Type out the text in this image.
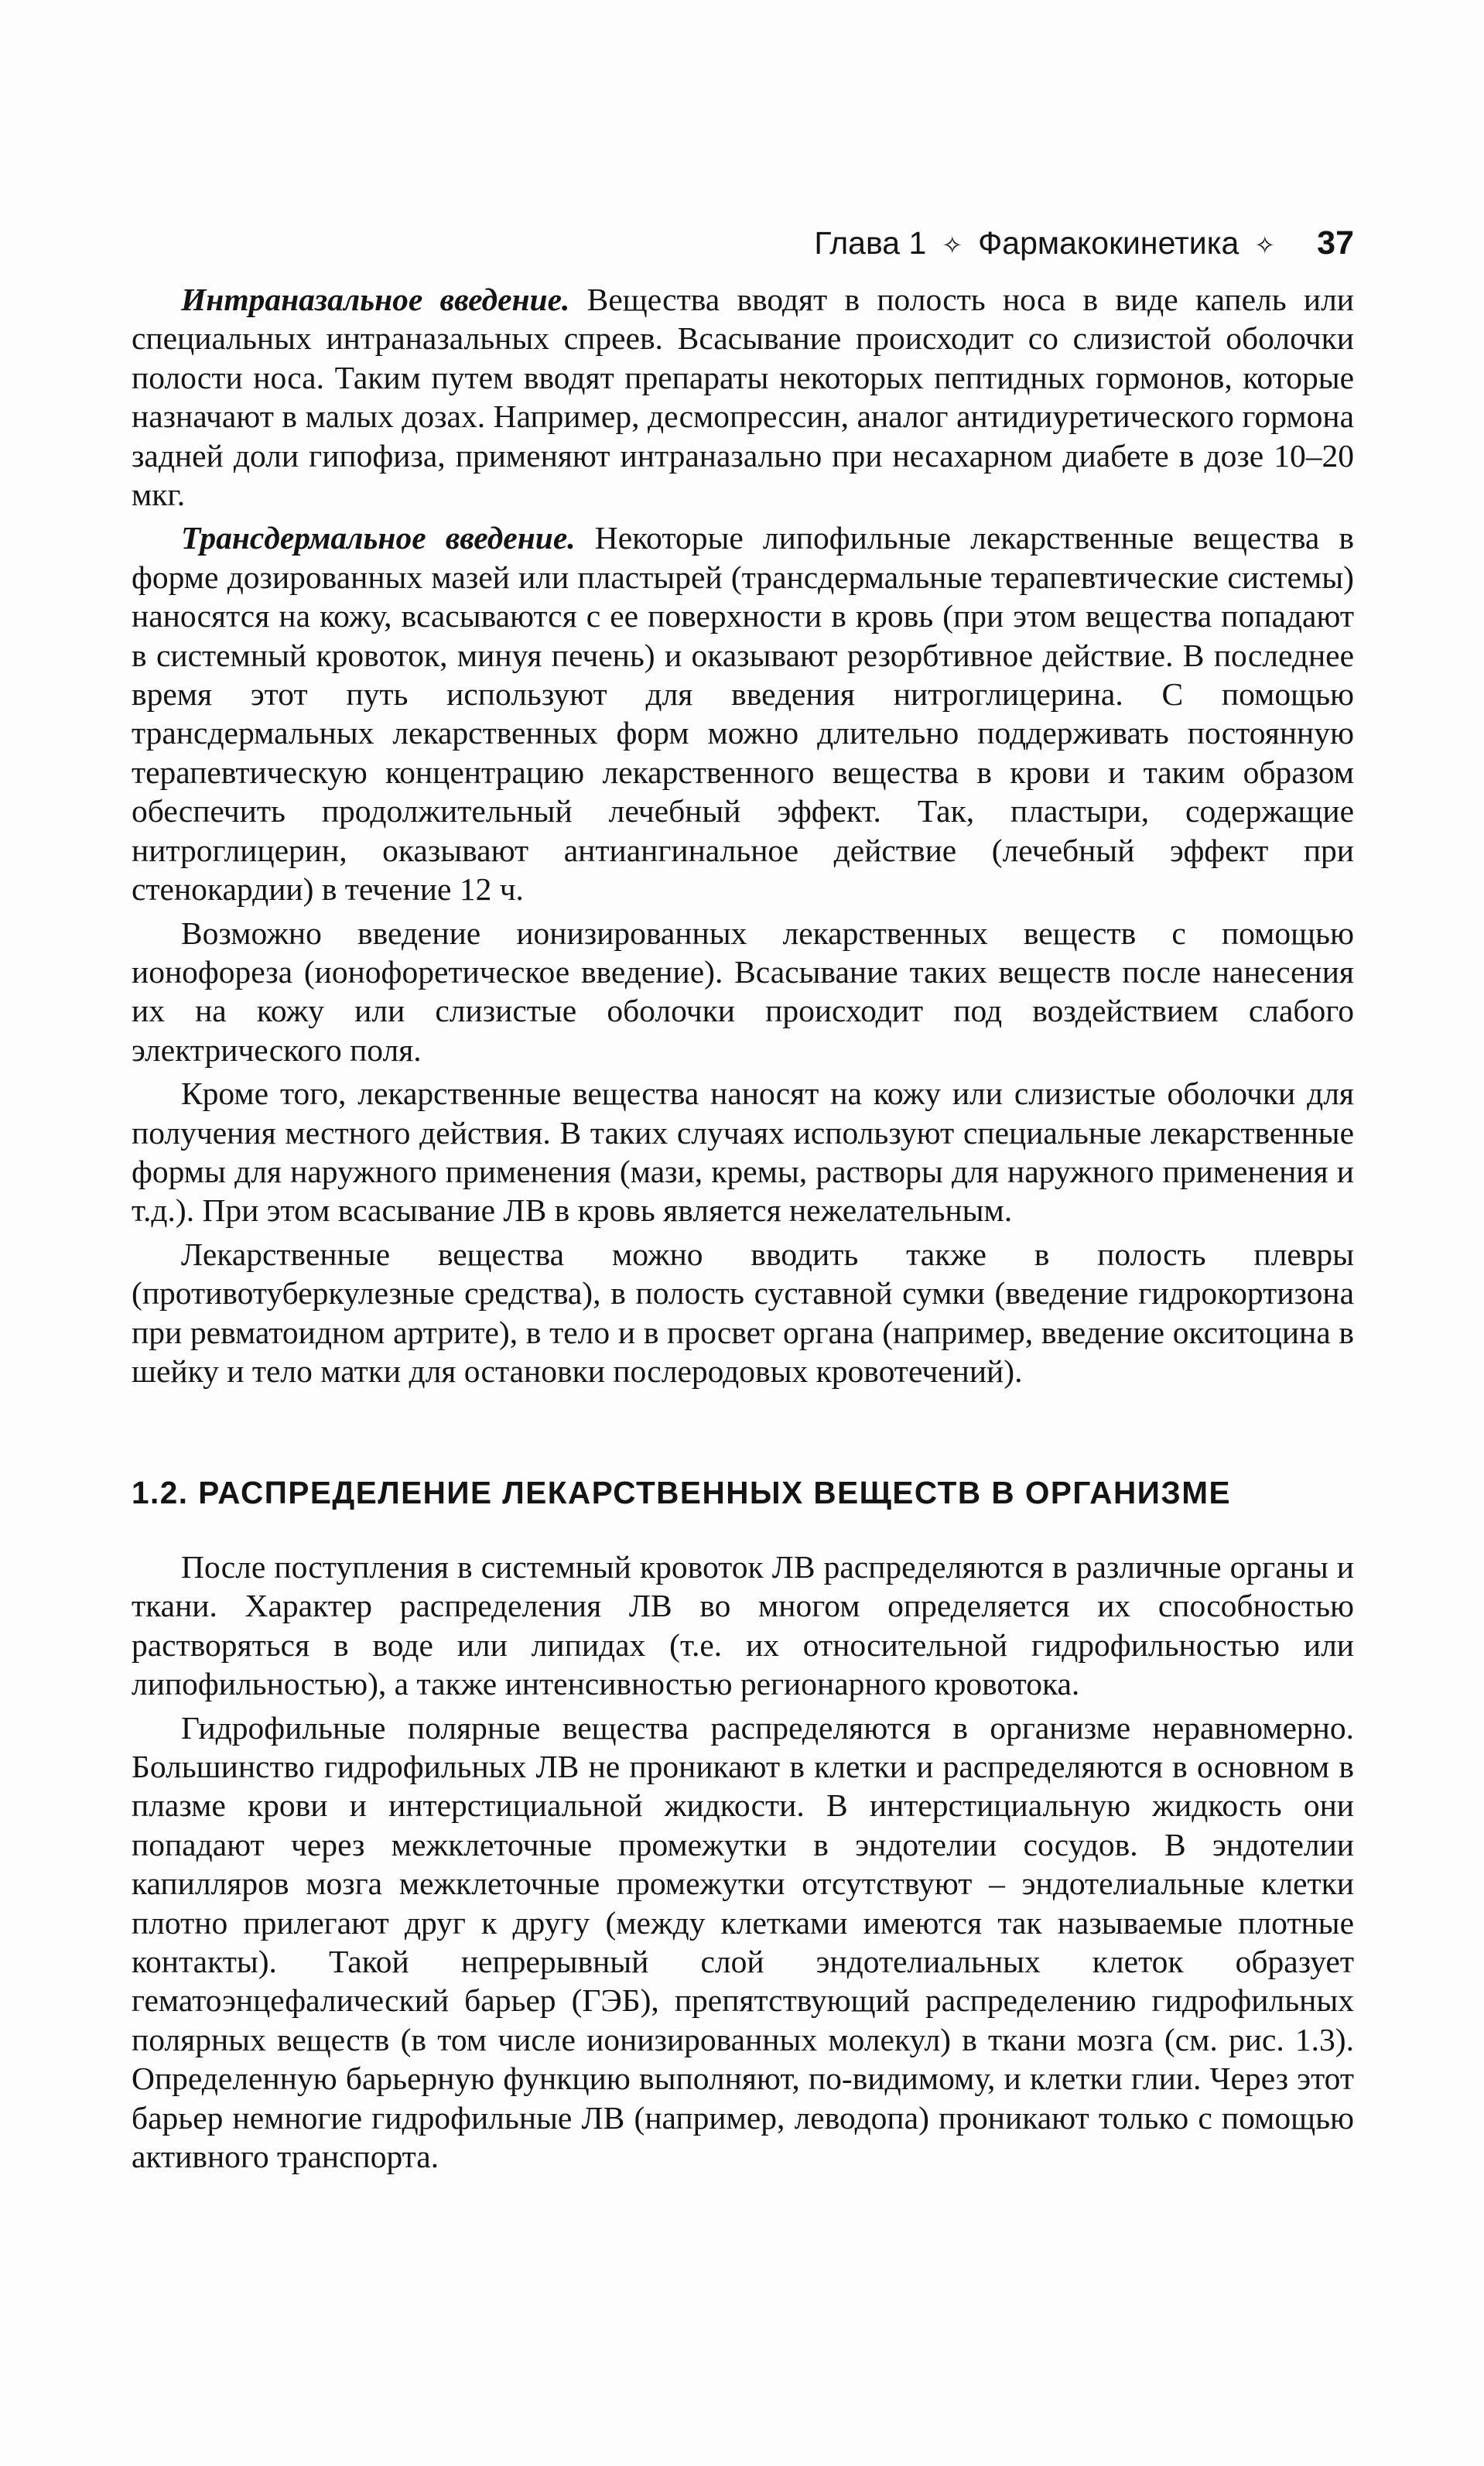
Глава 1 ✧ Фармакокинетика ✧ 37

Интраназальное введение. Вещества вводят в полость носа в виде капель или специальных интраназальных спреев. Всасывание происходит со слизистой оболочки полости носа. Таким путем вводят препараты некоторых пептидных гормонов, которые назначают в малых дозах. Например, десмопрессин, аналог антидиуретического гормона задней доли гипофиза, применяют интраназально при несахарном диабете в дозе 10–20 мкг.

Трансдермальное введение. Некоторые липофильные лекарственные вещества в форме дозированных мазей или пластырей (трансдермальные терапевтические системы) наносятся на кожу, всасываются с ее поверхности в кровь (при этом вещества попадают в системный кровоток, минуя печень) и оказывают резорбтивное действие. В последнее время этот путь используют для введения нитроглицерина. С помощью трансдермальных лекарственных форм можно длительно поддерживать постоянную терапевтическую концентрацию лекарственного вещества в крови и таким образом обеспечить продолжительный лечебный эффект. Так, пластыри, содержащие нитроглицерин, оказывают антиангинальное действие (лечебный эффект при стенокардии) в течение 12 ч.

Возможно введение ионизированных лекарственных веществ с помощью ионофореза (ионофоретическое введение). Всасывание таких веществ после нанесения их на кожу или слизистые оболочки происходит под воздействием слабого электрического поля.

Кроме того, лекарственные вещества наносят на кожу или слизистые оболочки для получения местного действия. В таких случаях используют специальные лекарственные формы для наружного применения (мази, кремы, растворы для наружного применения и т.д.). При этом всасывание ЛВ в кровь является нежелательным.

Лекарственные вещества можно вводить также в полость плевры (противотуберкулезные средства), в полость суставной сумки (введение гидрокортизона при ревматоидном артрите), в тело и в просвет органа (например, введение окситоцина в шейку и тело матки для остановки послеродовых кровотечений).

1.2. РАСПРЕДЕЛЕНИЕ ЛЕКАРСТВЕННЫХ ВЕЩЕСТВ В ОРГАНИЗМЕ

После поступления в системный кровоток ЛВ распределяются в различные органы и ткани. Характер распределения ЛВ во многом определяется их способностью растворяться в воде или липидах (т.е. их относительной гидрофильностью или липофильностью), а также интенсивностью регионарного кровотока.

Гидрофильные полярные вещества распределяются в организме неравномерно. Большинство гидрофильных ЛВ не проникают в клетки и распределяются в основном в плазме крови и интерстициальной жидкости. В интерстициальную жидкость они попадают через межклеточные промежутки в эндотелии сосудов. В эндотелии капилляров мозга межклеточные промежутки отсутствуют – эндотелиальные клетки плотно прилегают друг к другу (между клетками имеются так называемые плотные контакты). Такой непрерывный слой эндотелиальных клеток образует гематоэнцефалический барьер (ГЭБ), препятствующий распределению гидрофильных полярных веществ (в том числе ионизированных молекул) в ткани мозга (см. рис. 1.3). Определенную барьерную функцию выполняют, по-видимому, и клетки глии. Через этот барьер немногие гидрофильные ЛВ (например, леводопа) проникают только с помощью активного транспорта.
